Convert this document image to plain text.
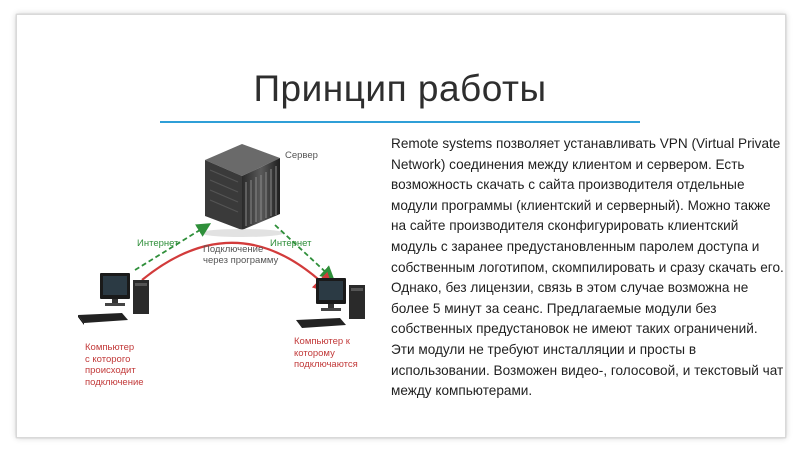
Принцип работы
Сервер
Интернет	Интернет
Подключение
через программу
Компьютер
с которого
происходит
подключение
Компьютер к
которому
подключаются

Remote systems позволяет устанавливать VPN (Virtual Private Network) соединения между клиентом и сервером. Есть возможность скачать с сайта производителя отдельные модули программы (клиентский и серверный). Можно также на сайте производителя сконфигурировать клиентский модуль с заранее предустановленным паролем доступа и собственным логотипом, скомпилировать и сразу скачать его. Однако, без лицензии, связь в этом случае возможна не более 5 минут за сеанс. Предлагаемые модули без собственных предустановок не имеют таких ограничений.

Эти модули не требуют инсталляции и просты в использовании. Возможен видео-, голосовой, и текстовый чат между компьютерами.
